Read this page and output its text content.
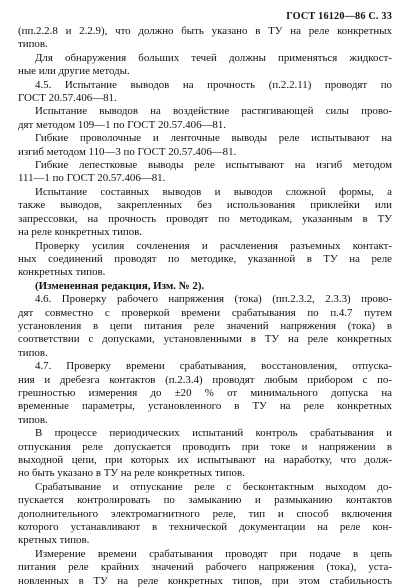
ГОСТ 16120—86 С. 33
(пп.2.2.8 и 2.2.9), что должно быть указано в ТУ на реле конкретных
типов.
Для обнаружения больших течей должны применяться жидкост-
ные или другие методы.
4.5. Испытание выводов на прочность (п.2.2.11) проводят по
ГОСТ 20.57.406—81.
Испытание выводов на воздействие растягивающей силы прово-
дят методом 109—1 по ГОСТ 20.57.406—81.
Гибкие проволочные и ленточные выводы реле испытывают на
изгиб методом 110—3 по ГОСТ 20.57.406—81.
Гибкие лепестковые выводы реле испытывают на изгиб методом
111—1 по ГОСТ 20.57.406—81.
Испытание составных выводов и выводов сложной формы, а
также выводов, закрепленных без использования приклейки или
запрессовки, на прочность проводят по методикам, указанным в ТУ
на реле конкретных типов.
Проверку усилия сочленения и расчленения разъемных контакт-
ных соединений проводят по методике, указанной в ТУ на реле
конкретных типов.
(Измененная редакция, Изм. № 2).
4.6. Проверку рабочего напряжения (тока) (пп.2.3.2, 2.3.3) прово-
дят совместно с проверкой времени срабатывания по п.4.7 путем
установления в цепи питания реле значений напряжения (тока) в
соответствии с допусками, установленными в ТУ на реле конкретных
типов.
4.7. Проверку времени срабатывания, восстановления, отпуска-
ния и дребезга контактов (п.2.3.4) проводят любым прибором с по-
грешностью измерения до ±20 % от минимального допуска на
временные параметры, установленного в ТУ на реле конкретных
типов.
В процессе периодических испытаний контроль срабатывания и
отпускания реле допускается проводить при токе и напряжении в
выходной цепи, при которых их испытывают на наработку, что долж-
но быть указано в ТУ на реле конкретных типов.
Срабатывание и отпускание реле с бесконтактным выходом до-
пускается контролировать по замыканию и размыканию контактов
дополнительного электромагнитного реле, тип и способ включения
которого устанавливают в технической документации на реле кон-
кретных типов.
Измерение времени срабатывания проводят при подаче в цепь
питания реле крайних значений рабочего напряжения (тока), уста-
новленных в ТУ на реле конкретных типов, при этом стабильность
